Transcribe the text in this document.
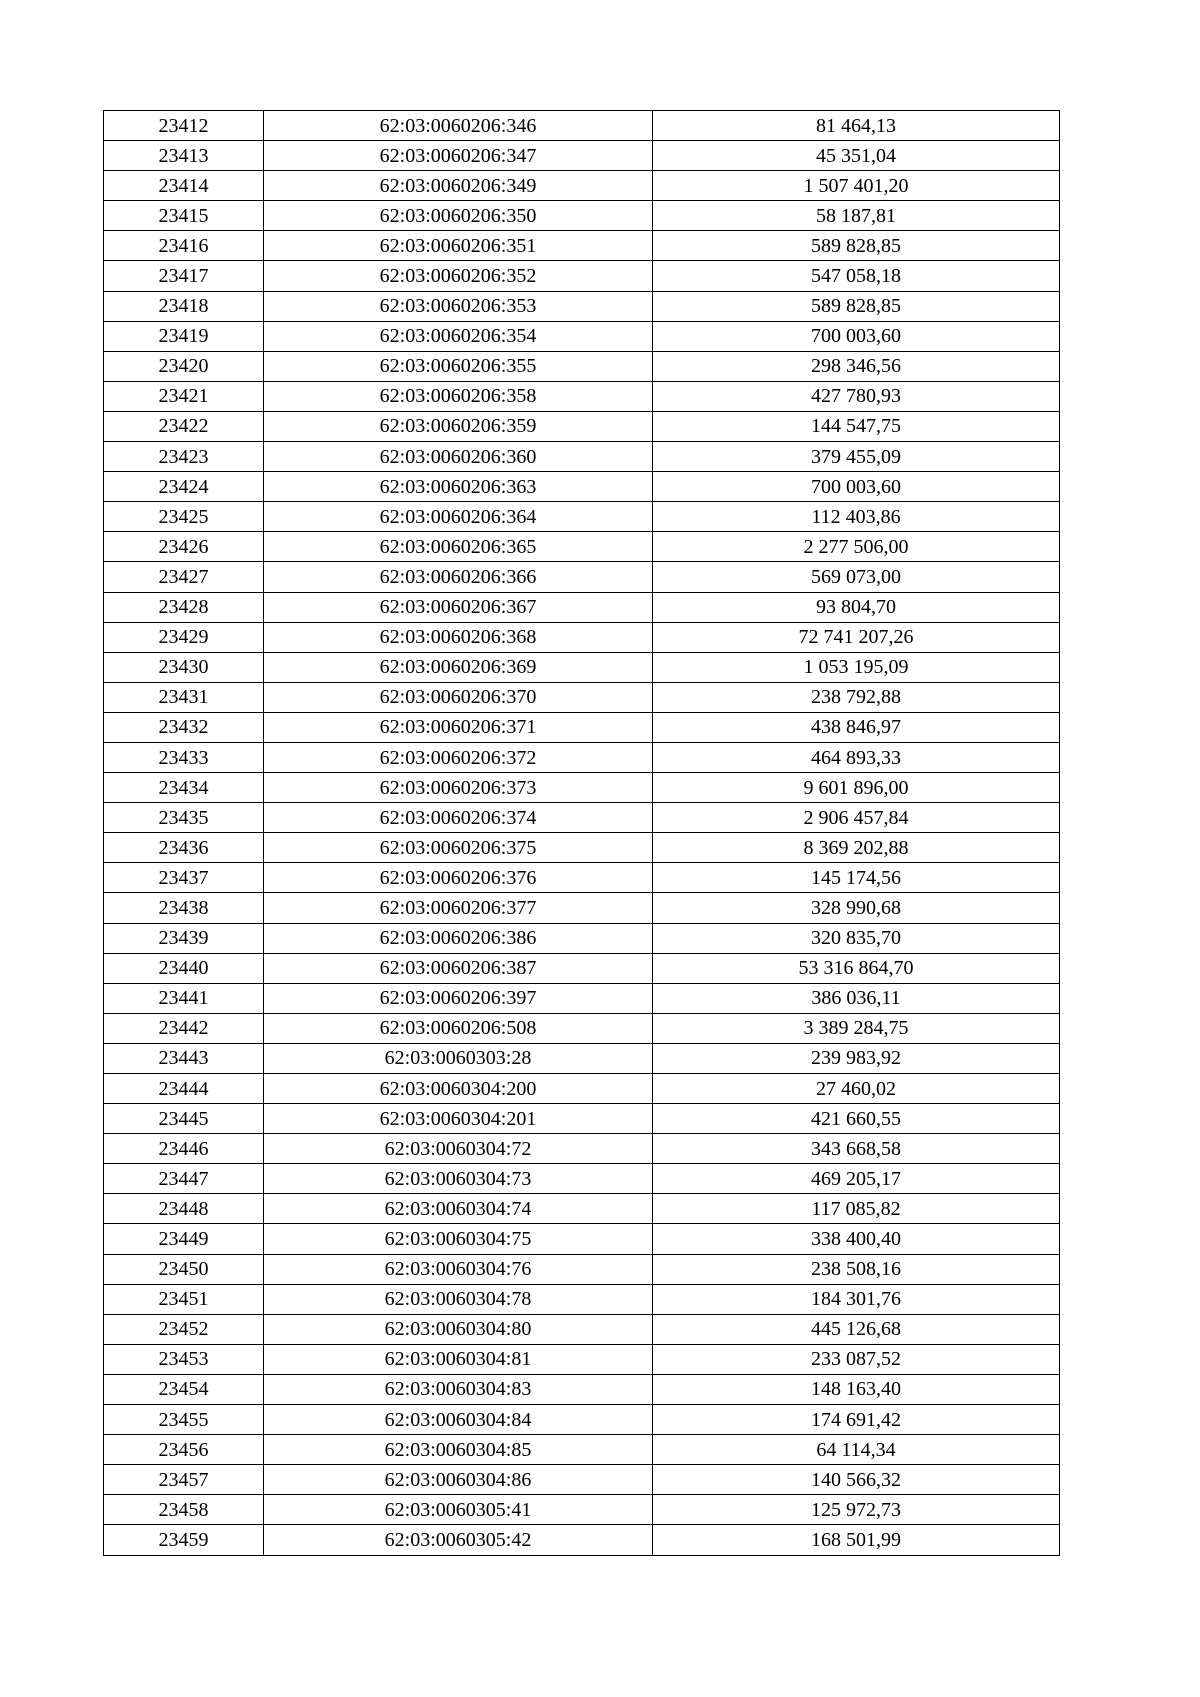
23412	62:03:0060206:346	81 464,13
23413	62:03:0060206:347	45 351,04
23414	62:03:0060206:349	1 507 401,20
23415	62:03:0060206:350	58 187,81
23416	62:03:0060206:351	589 828,85
23417	62:03:0060206:352	547 058,18
23418	62:03:0060206:353	589 828,85
23419	62:03:0060206:354	700 003,60
23420	62:03:0060206:355	298 346,56
23421	62:03:0060206:358	427 780,93
23422	62:03:0060206:359	144 547,75
23423	62:03:0060206:360	379 455,09
23424	62:03:0060206:363	700 003,60
23425	62:03:0060206:364	112 403,86
23426	62:03:0060206:365	2 277 506,00
23427	62:03:0060206:366	569 073,00
23428	62:03:0060206:367	93 804,70
23429	62:03:0060206:368	72 741 207,26
23430	62:03:0060206:369	1 053 195,09
23431	62:03:0060206:370	238 792,88
23432	62:03:0060206:371	438 846,97
23433	62:03:0060206:372	464 893,33
23434	62:03:0060206:373	9 601 896,00
23435	62:03:0060206:374	2 906 457,84
23436	62:03:0060206:375	8 369 202,88
23437	62:03:0060206:376	145 174,56
23438	62:03:0060206:377	328 990,68
23439	62:03:0060206:386	320 835,70
23440	62:03:0060206:387	53 316 864,70
23441	62:03:0060206:397	386 036,11
23442	62:03:0060206:508	3 389 284,75
23443	62:03:0060303:28	239 983,92
23444	62:03:0060304:200	27 460,02
23445	62:03:0060304:201	421 660,55
23446	62:03:0060304:72	343 668,58
23447	62:03:0060304:73	469 205,17
23448	62:03:0060304:74	117 085,82
23449	62:03:0060304:75	338 400,40
23450	62:03:0060304:76	238 508,16
23451	62:03:0060304:78	184 301,76
23452	62:03:0060304:80	445 126,68
23453	62:03:0060304:81	233 087,52
23454	62:03:0060304:83	148 163,40
23455	62:03:0060304:84	174 691,42
23456	62:03:0060304:85	64 114,34
23457	62:03:0060304:86	140 566,32
23458	62:03:0060305:41	125 972,73
23459	62:03:0060305:42	168 501,99
